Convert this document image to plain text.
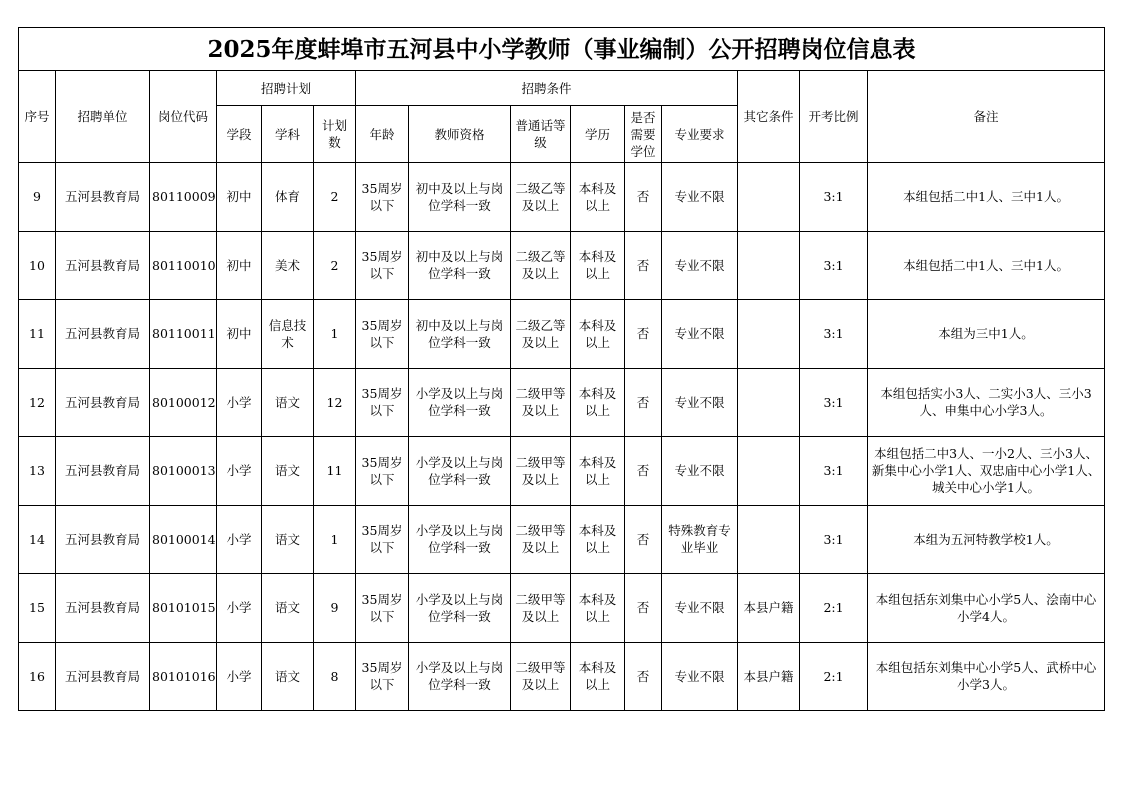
2025年度蚌埠市五河县中小学教师（事业编制）公开招聘岗位信息表														
序号	招聘单位	岗位代码	招聘计划			招聘条件						其它条件	开考比例	备注
			学段	学科	计划数	年龄	教师资格	普通话等级	学历	是否需要学位	专业要求			
9	五河县教育局	80110009	初中	体育	2	35周岁以下	初中及以上与岗位学科一致	二级乙等及以上	本科及以上	否	专业不限		3:1	本组包括二中1人、三中1人。
10	五河县教育局	80110010	初中	美术	2	35周岁以下	初中及以上与岗位学科一致	二级乙等及以上	本科及以上	否	专业不限		3:1	本组包括二中1人、三中1人。
11	五河县教育局	80110011	初中	信息技术	1	35周岁以下	初中及以上与岗位学科一致	二级乙等及以上	本科及以上	否	专业不限		3:1	本组为三中1人。
12	五河县教育局	80100012	小学	语文	12	35周岁以下	小学及以上与岗位学科一致	二级甲等及以上	本科及以上	否	专业不限		3:1	本组包括实小3人、二实小3人、三小3人、申集中心小学3人。
13	五河县教育局	80100013	小学	语文	11	35周岁以下	小学及以上与岗位学科一致	二级甲等及以上	本科及以上	否	专业不限		3:1	本组包括二中3人、一小2人、三小3人、新集中心小学1人、双忠庙中心小学1人、城关中心小学1人。
14	五河县教育局	80100014	小学	语文	1	35周岁以下	小学及以上与岗位学科一致	二级甲等及以上	本科及以上	否	特殊教育专业毕业		3:1	本组为五河特教学校1人。
15	五河县教育局	80101015	小学	语文	9	35周岁以下	小学及以上与岗位学科一致	二级甲等及以上	本科及以上	否	专业不限	本县户籍	2:1	本组包括东刘集中心小学5人、浍南中心小学4人。
16	五河县教育局	80101016	小学	语文	8	35周岁以下	小学及以上与岗位学科一致	二级甲等及以上	本科及以上	否	专业不限	本县户籍	2:1	本组包括东刘集中心小学5人、武桥中心小学3人。
